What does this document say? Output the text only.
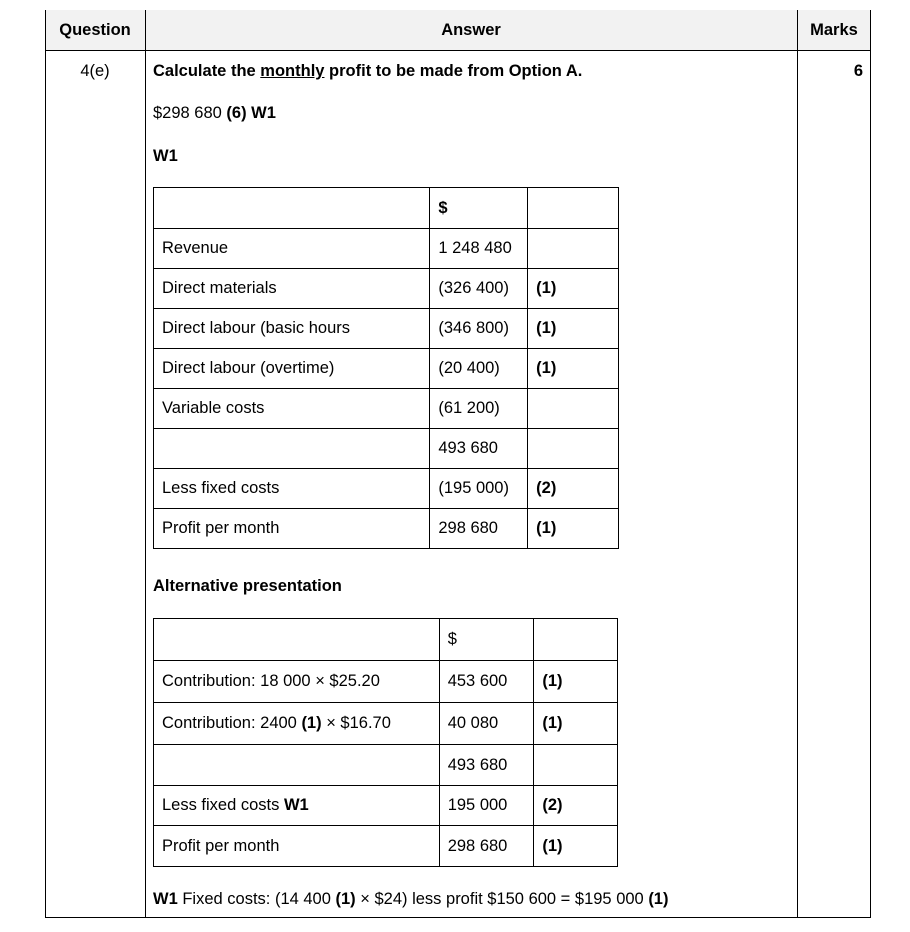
Question	Answer	Marks
4(e)	6
Calculate the monthly profit to be made from Option A.
$298 680 (6) W1
W1
	$	
Revenue	1 248 480	
Direct materials	(326 400)	(1)
Direct labour (basic hours	(346 800)	(1)
Direct labour (overtime)	(20 400)	(1)
Variable costs	(61 200)	
	493 680	
Less fixed costs	(195 000)	(2)
Profit per month	298 680	(1)
Alternative presentation
	$	
Contribution: 18 000 × $25.20	453 600	(1)
Contribution: 2400 (1) × $16.70	40 080	(1)
	493 680	
Less fixed costs W1	195 000	(2)
Profit per month	298 680	(1)
W1 Fixed costs: (14 400 (1) × $24) less profit $150 600 = $195 000 (1)
